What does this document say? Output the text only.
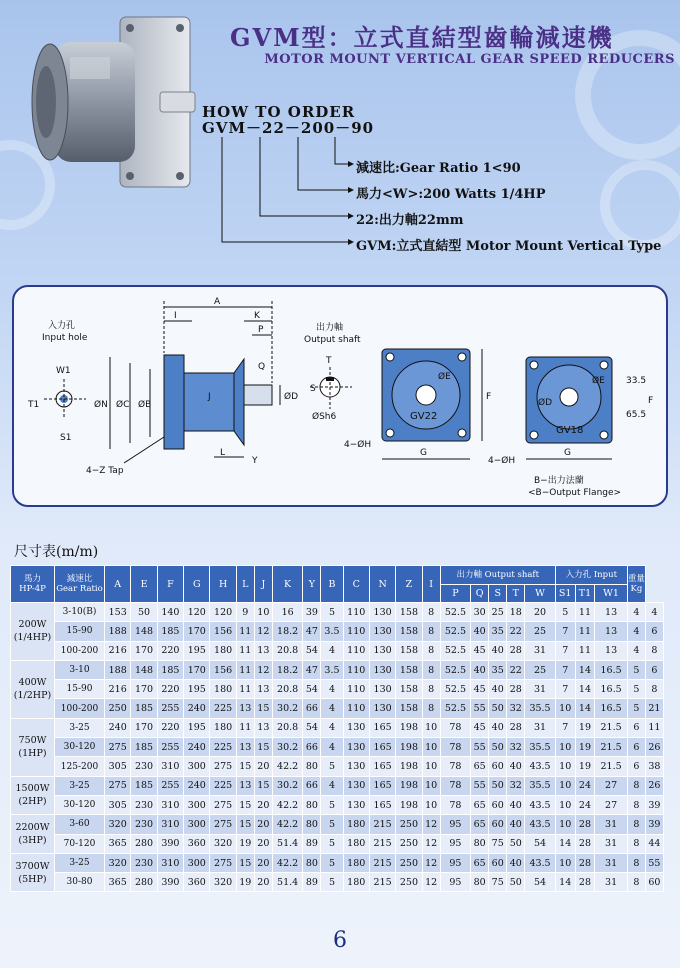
GVM型：立式直結型齒輪減速機
MOTOR MOUNT VERTICAL GEAR SPEED REDUCERS
HOW TO ORDER
GVM－22－200－90
減速比:Gear Ratio 1<90
馬力<W>:200 Watts 1/4HP
22:出力軸22mm
GVM:立式直結型 Motor Mount Vertical Type
入力孔
Input hole
W1
T1
S1
A
I	K
P
Q
J
ØN ØC ØB
ØD
L
Y
4−Z Tap
出力軸
Output shaft
T
S
ØSh6	GV22
ØE
F
G
4−ØH
GV18
ØD
ØE 33.5
65.5
F
G
4−ØH
B−出力法蘭
<B−Output Flange>
尺寸表(m/m)
馬力
HP-4P	減速比
Gear Ratio	A	E	F	G	H	L	J	K	Y	B	C	N	Z	I	出力軸 Output shaft					入力孔 Input			重量
Kg	
																P	Q	S	T	W	S1	T1	W1		

200W
(1/4HP)	3-10(B)	153	50	140	120	120	9	10	16	39	5	110	130	158	8	52.5	30	25	18	20	5	11	13	4	4
	15-90	188	148	185	170	156	11	12	18.2	47	3.5	110	130	158	8	52.5	40	35	22	25	7	11	13	4	6
	100-200	216	170	220	195	180	11	13	20.8	54	4	110	130	158	8	52.5	45	40	28	31	7	11	13	4	8

400W
(1/2HP)	3-10	188	148	185	170	156	11	12	18.2	47	3.5	110	130	158	8	52.5	40	35	22	25	7	14	16.5	5	6
	15-90	216	170	220	195	180	11	13	20.8	54	4	110	130	158	8	52.5	45	40	28	31	7	14	16.5	5	8
	100-200	250	185	255	240	225	13	15	30.2	66	4	110	130	158	8	52.5	55	50	32	35.5	10	14	16.5	5	21

750W
(1HP)	3-25	240	170	220	195	180	11	13	20.8	54	4	130	165	198	10	78	45	40	28	31	7	19	21.5	6	11
	30-120	275	185	255	240	225	13	15	30.2	66	4	130	165	198	10	78	55	50	32	35.5	10	19	21.5	6	26
	125-200	305	230	310	300	275	15	20	42.2	80	5	130	165	198	10	78	65	60	40	43.5	10	19	21.5	6	38

1500W
(2HP)	3-25	275	185	255	240	225	13	15	30.2	66	4	130	165	198	10	78	55	50	32	35.5	10	24	27	8	26
	30-120	305	230	310	300	275	15	20	42.2	80	5	130	165	198	10	78	65	60	40	43.5	10	24	27	8	39

2200W
(3HP)	3-60	320	230	310	300	275	15	20	42.2	80	5	180	215	250	12	95	65	60	40	43.5	10	28	31	8	39
	70-120	365	280	390	360	320	19	20	51.4	89	5	180	215	250	12	95	80	75	50	54	14	28	31	8	44

3700W
(5HP)	3-25	320	230	310	300	275	15	20	42.2	80	5	180	215	250	12	95	65	60	40	43.5	10	28	31	8	55
	30-80	365	280	390	360	320	19	20	51.4	89	5	180	215	250	12	95	80	75	50	54	14	28	31	8	60
6
